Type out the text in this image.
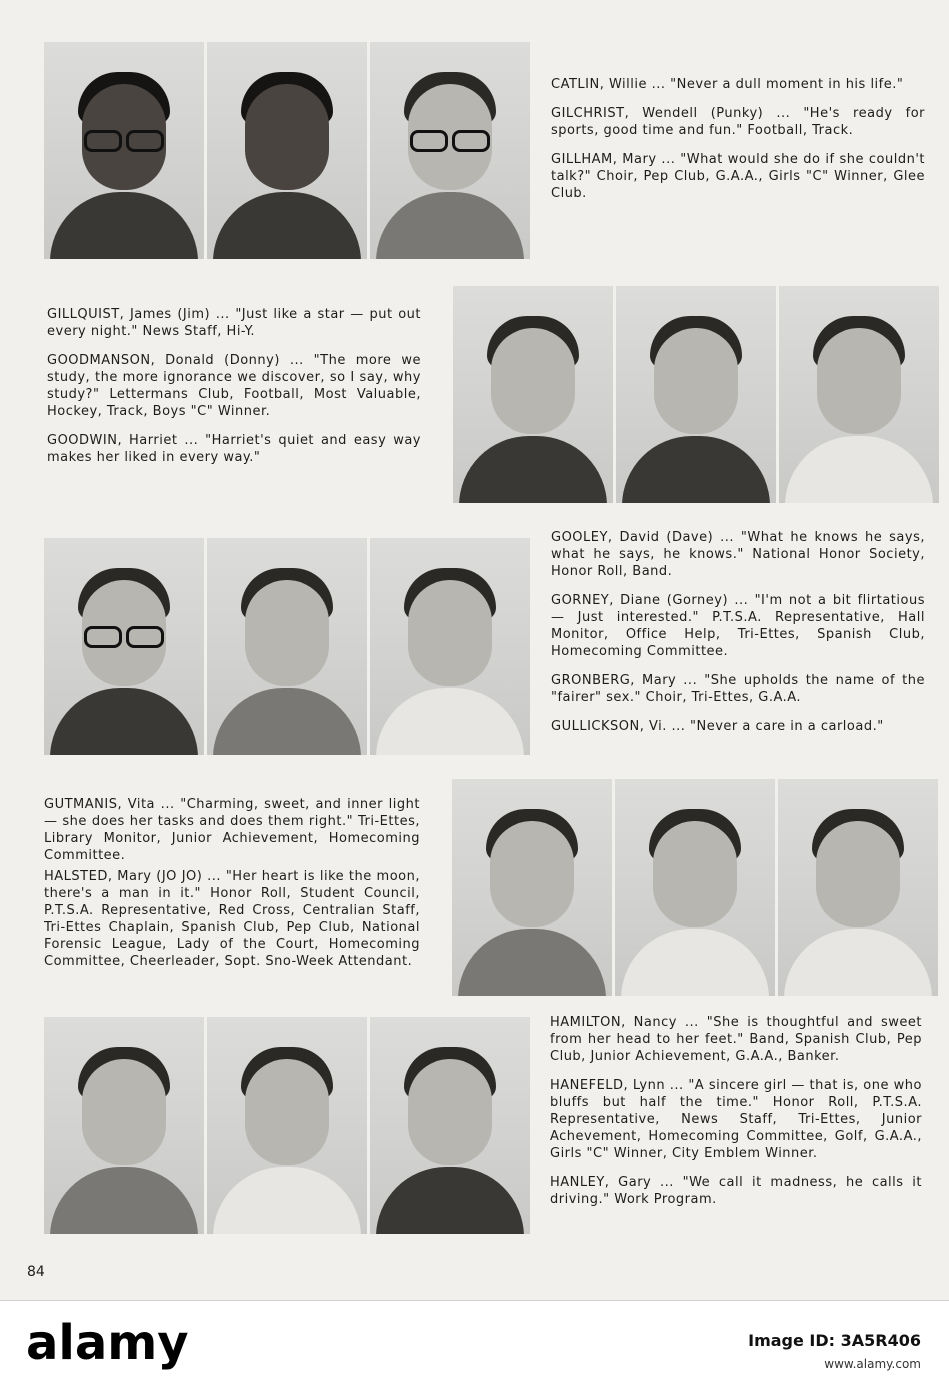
CATLIN, Willie ... "Never a dull moment in his life."

GILCHRIST, Wendell (Punky) ... "He's ready for sports, good time and fun." Football, Track.

GILLHAM, Mary ... "What would she do if she couldn't talk?" Choir, Pep Club, G.A.A., Girls "C" Winner, Glee Club.

GILLQUIST, James (Jim) ... "Just like a star — put out every night." News Staff, Hi-Y.

GOODMANSON, Donald (Donny) ... "The more we study, the more ignorance we discover, so I say, why study?" Lettermans Club, Football, Most Valuable, Hockey, Track, Boys "C" Winner.

GOODWIN, Harriet ... "Harriet's quiet and easy way makes her liked in every way."

GOOLEY, David (Dave) ... "What he knows he says, what he says, he knows." National Honor Society, Honor Roll, Band.

GORNEY, Diane (Gorney) ... "I'm not a bit flirtatious — Just interested." P.T.S.A. Representative, Hall Monitor, Office Help, Tri-Ettes, Spanish Club, Homecoming Committee.

GRONBERG, Mary ... "She upholds the name of the "fairer" sex." Choir, Tri-Ettes, G.A.A.

GULLICKSON, Vi. ... "Never a care in a carload."

GUTMANIS, Vita ... "Charming, sweet, and inner light — she does her tasks and does them right." Tri-Ettes, Library Monitor, Junior Achievement, Homecoming Committee.

HALSTED, Mary (JO JO) ... "Her heart is like the moon, there's a man in it." Honor Roll, Student Council, P.T.S.A. Representative, Red Cross, Centralian Staff, Tri-Ettes Chaplain, Spanish Club, Pep Club, National Forensic League, Lady of the Court, Homecoming Committee, Cheerleader, Sopt. Sno-Week Attendant.

HAMILTON, Nancy ... "She is thoughtful and sweet from her head to her feet." Band, Spanish Club, Pep Club, Junior Achievement, G.A.A., Banker.

HANEFELD, Lynn ... "A sincere girl — that is, one who bluffs but half the time." Honor Roll, P.T.S.A. Representative, News Staff, Tri-Ettes, Junior Achevement, Homecoming Committee, Golf, G.A.A., Girls "C" Winner, City Emblem Winner.

HANLEY, Gary ... "We call it madness, he calls it driving." Work Program.

84
alamy	Image ID: 3A5R406
www.alamy.com
